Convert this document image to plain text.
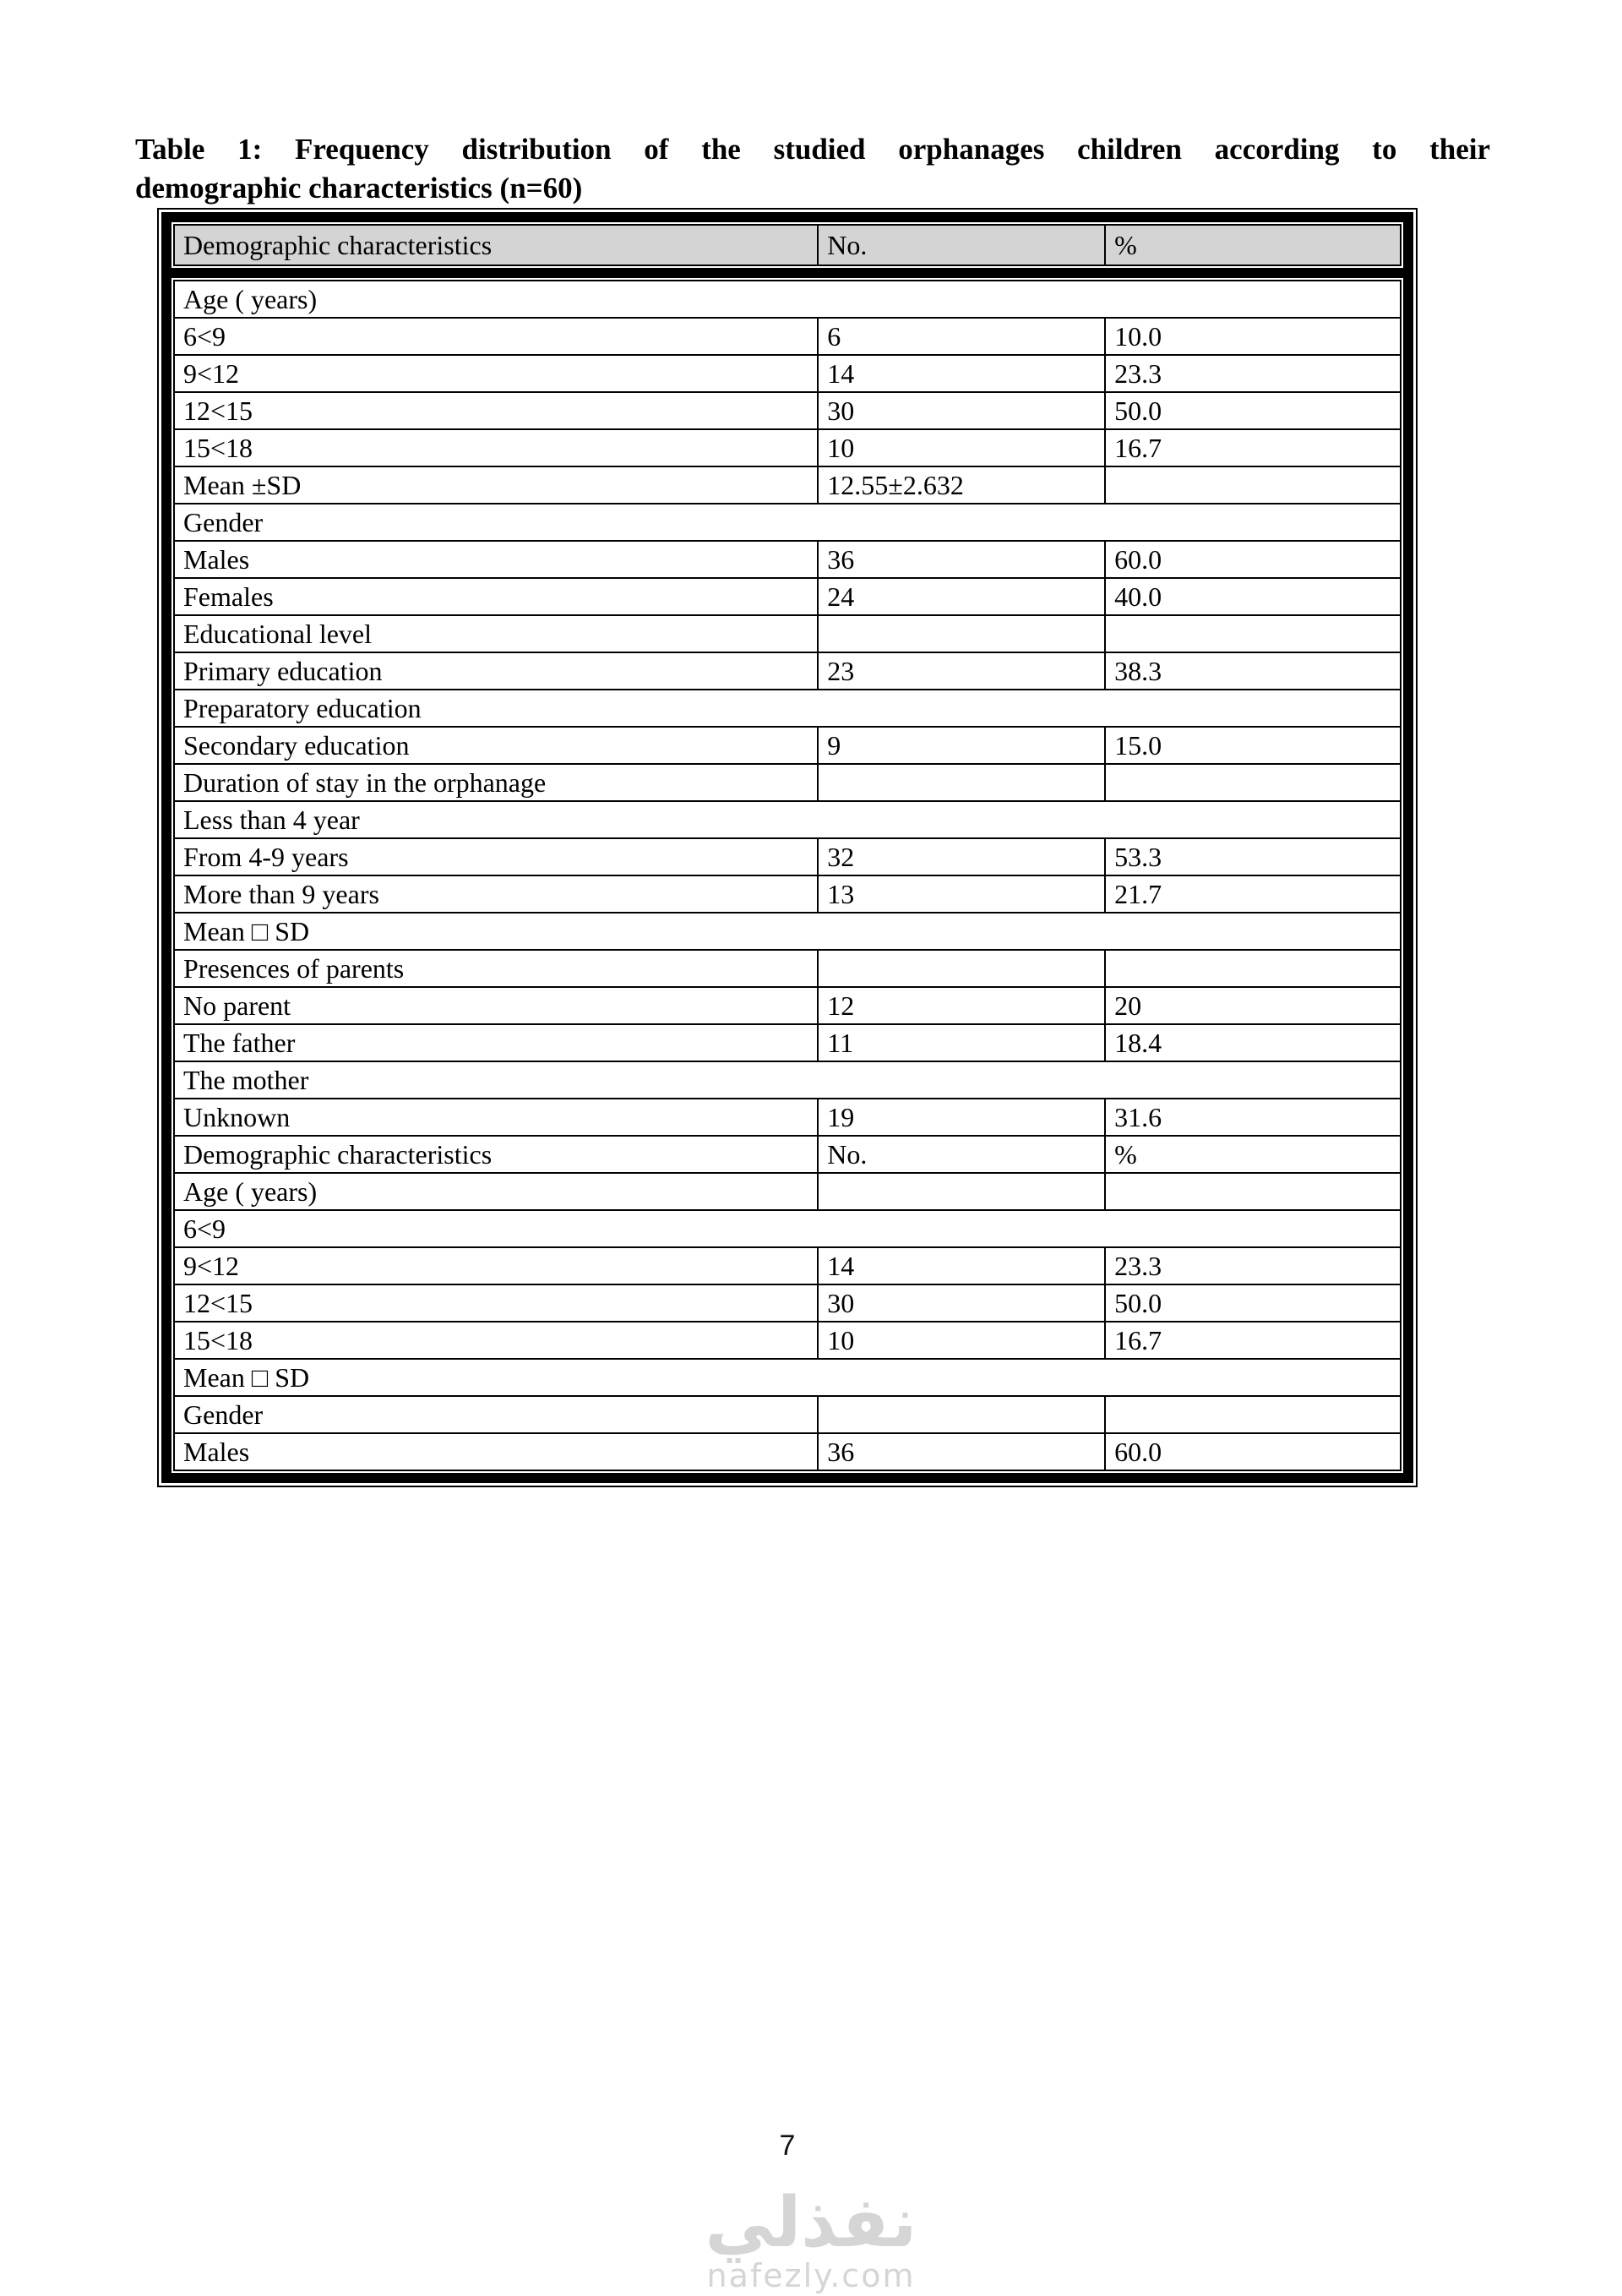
Table 1: Frequency distribution of the studied orphanages children according to their
demographic characteristics (n=60)
Demographic characteristics	No.	%
Age ( years)		
6<9	6	10.0
9<12	14	23.3
12<15	30	50.0
15<18	10	16.7
Mean ±SD	12.55±2.632	
Gender		
Males	36	60.0
Females	24	40.0
Educational level		
Primary education	23	38.3
Preparatory education		
Secondary education	9	15.0
Duration of stay in the orphanage		
Less than 4 year		
From 4-9 years	32	53.3
More than 9 years	13	21.7
Mean □ SD		
Presences of parents		
No parent	12	20
The father	11	18.4
The mother		
Unknown	19	31.6
Demographic characteristics	No.	%
Age ( years)		
6<9		
9<12	14	23.3
12<15	30	50.0
15<18	10	16.7
Mean □ SD		
Gender		
Males	36	60.0
7
نفذلي
nafezly.com
